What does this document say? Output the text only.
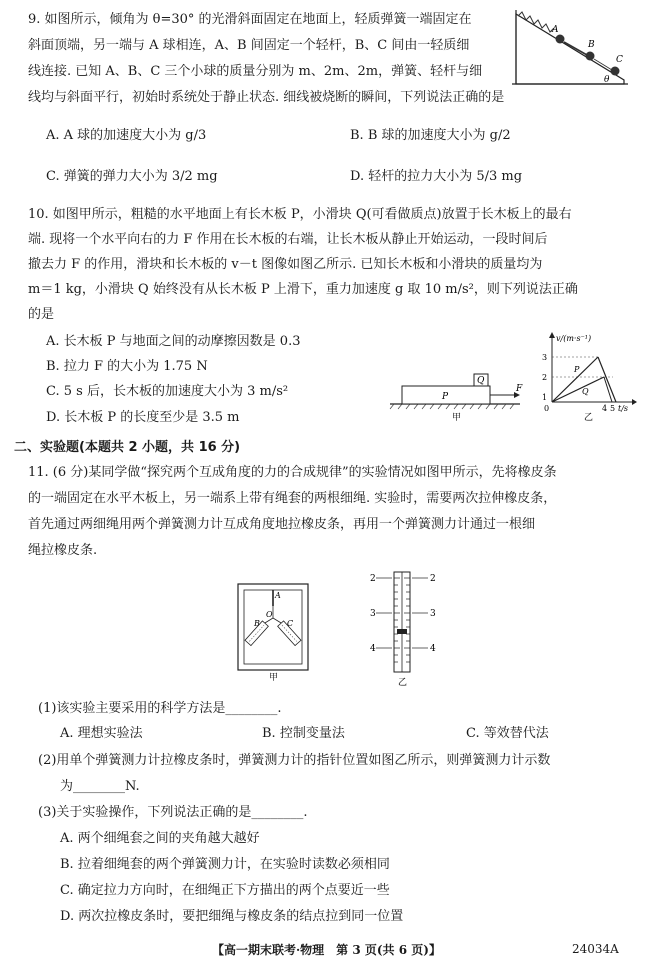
9. 如图所示，倾角为 θ=30° 的光滑斜面固定在地面上，轻质弹簧一端固定在
斜面顶端，另一端与 A 球相连，A、B 间固定一个轻杆，B、C 间由一轻质细
线连接. 已知 A、B、C 三个小球的质量分别为 m、2m、2m，弹簧、轻杆与细
线均与斜面平行，初始时系统处于静止状态. 细线被烧断的瞬间，下列说法正确的是
A
B
C
θ
A. A 球的加速度大小为 g/3	B. B 球的加速度大小为 g/2
C. 弹簧的弹力大小为 3/2 mg	D. 轻杆的拉力大小为 5/3 mg
10. 如图甲所示，粗糙的水平地面上有长木板 P，小滑块 Q(可看做质点)放置于长木板上的最右
端. 现将一个水平向右的力 F 作用在长木板的右端，让长木板从静止开始运动，一段时间后
撤去力 F 的作用，滑块和长木板的 v－t 图像如图乙所示. 已知长木板和小滑块的质量均为
m＝1 kg，小滑块 Q 始终没有从长木板 P 上滑下，重力加速度 g 取 10 m/s²，则下列说法正确
的是
A. 长木板 P 与地面之间的动摩擦因数是 0.3
B. 拉力 F 的大小为 1.75 N
C. 5 s 后，长木板的加速度大小为 3 m/s²
D. 长木板 P 的长度至少是 3.5 m
P
Q
F
甲
v/(m·s⁻¹)
3
2
1
0	4 5 t/s
P
Q
乙
二、实验题(本题共 2 小题，共 16 分)
11. (6 分)某同学做“探究两个互成角度的力的合成规律”的实验情况如图甲所示，先将橡皮条
的一端固定在水平木板上，另一端系上带有绳套的两根细绳. 实验时，需要两次拉伸橡皮条，
首先通过两细绳用两个弹簧测力计互成角度地拉橡皮条，再用一个弹簧测力计通过一根细
绳拉橡皮条.
A
O
B	C
甲
2	2
3	3
4	4
乙
(1)该实验主要采用的科学方法是________.
A. 理想实验法	B. 控制变量法	C. 等效替代法
(2)用单个弹簧测力计拉橡皮条时，弹簧测力计的指针位置如图乙所示，则弹簧测力计示数
为________N.
(3)关于实验操作，下列说法正确的是________.
A. 两个细绳套之间的夹角越大越好
B. 拉着细绳套的两个弹簧测力计，在实验时读数必须相同
C. 确定拉力方向时，在细绳正下方描出的两个点要近一些
D. 两次拉橡皮条时，要把细绳与橡皮条的结点拉到同一位置
【高一期末联考·物理　第 3 页(共 6 页)】	24034A
